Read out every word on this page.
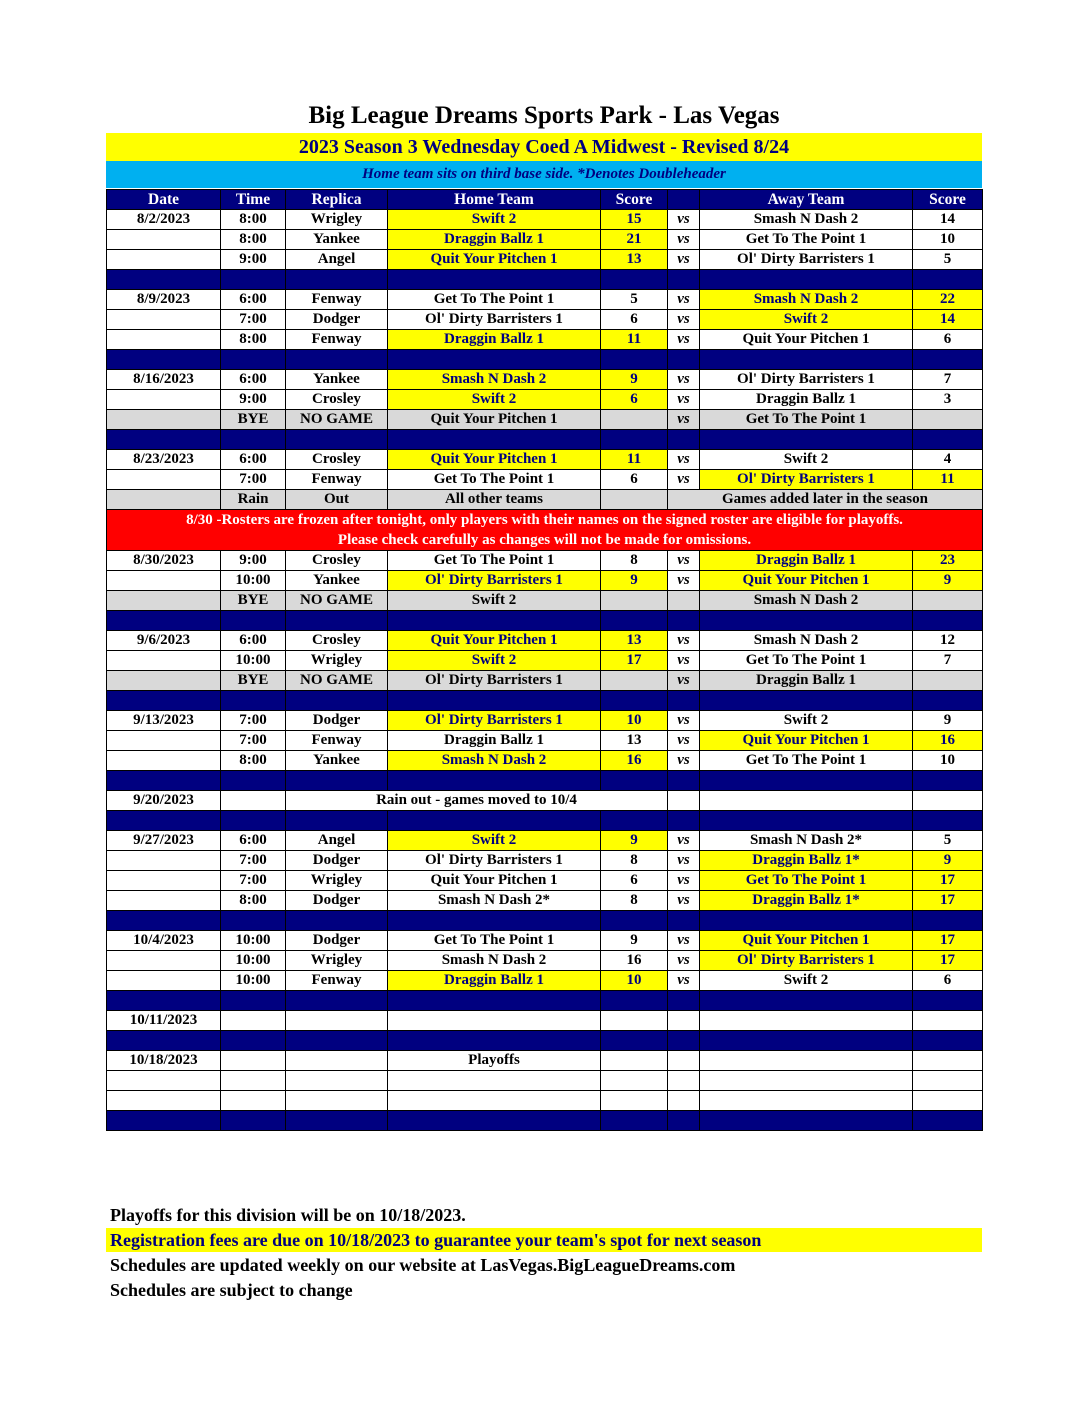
Big League Dreams Sports Park - Las Vegas
2023 Season 3 Wednesday Coed A Midwest - Revised 8/24
Home team sits on third base side. *Denotes Doubleheader
Date	Time	Replica	Home Team	Score		Away Team	Score
8/2/2023	8:00	Wrigley	Swift 2	15	vs	Smash N Dash 2	14
	8:00	Yankee	Draggin Ballz 1	21	vs	Get To The Point 1	10
	9:00	Angel	Quit Your Pitchen 1	13	vs	Ol' Dirty Barristers 1	5

8/9/2023	6:00	Fenway	Get To The Point 1	5	vs	Smash N Dash 2	22
	7:00	Dodger	Ol' Dirty Barristers 1	6	vs	Swift 2	14
	8:00	Fenway	Draggin Ballz 1	11	vs	Quit Your Pitchen 1	6

8/16/2023	6:00	Yankee	Smash N Dash 2	9	vs	Ol' Dirty Barristers 1	7
	9:00	Crosley	Swift 2	6	vs	Draggin Ballz 1	3
	BYE	NO GAME	Quit Your Pitchen 1		vs	Get To The Point 1	

8/23/2023	6:00	Crosley	Quit Your Pitchen 1	11	vs	Swift 2	4
	7:00	Fenway	Get To The Point 1	6	vs	Ol' Dirty Barristers 1	11
	Rain	Out	All other teams		Games added later in the season		

8/30 -Rosters are frozen after tonight, only players with their names on the signed roster are eligible for playoffs.
Please check carefully as changes will not be made for omissions.							

8/30/2023	9:00	Crosley	Get To The Point 1	8	vs	Draggin Ballz 1	23
	10:00	Yankee	Ol' Dirty Barristers 1	9	vs	Quit Your Pitchen 1	9
	BYE	NO GAME	Swift 2			Smash N Dash 2	

9/6/2023	6:00	Crosley	Quit Your Pitchen 1	13	vs	Smash N Dash 2	12
	10:00	Wrigley	Swift 2	17	vs	Get To The Point 1	7
	BYE	NO GAME	Ol' Dirty Barristers 1		vs	Draggin Ballz 1	

9/13/2023	7:00	Dodger	Ol' Dirty Barristers 1	10	vs	Swift 2	9
	7:00	Fenway	Draggin Ballz 1	13	vs	Quit Your Pitchen 1	16
	8:00	Yankee	Smash N Dash 2	16	vs	Get To The Point 1	10

9/20/2023		Rain out - games moved to 10/4					

9/27/2023	6:00	Angel	Swift 2	9	vs	Smash N Dash 2*	5
	7:00	Dodger	Ol' Dirty Barristers 1	8	vs	Draggin Ballz 1*	9
	7:00	Wrigley	Quit Your Pitchen 1	6	vs	Get To The Point 1	17
	8:00	Dodger	Smash N Dash 2*	8	vs	Draggin Ballz 1*	17

10/4/2023	10:00	Dodger	Get To The Point 1	9	vs	Quit Your Pitchen 1	17
	10:00	Wrigley	Smash N Dash 2	16	vs	Ol' Dirty Barristers 1	17
	10:00	Fenway	Draggin Ballz 1	10	vs	Swift 2	6

10/11/2023							

10/18/2023			Playoffs				

Playoffs for this division will be on 10/18/2023.
Registration fees are due on 10/18/2023 to guarantee your team's spot for next season
Schedules are updated weekly on our website at LasVegas.BigLeagueDreams.com
Schedules are subject to change
